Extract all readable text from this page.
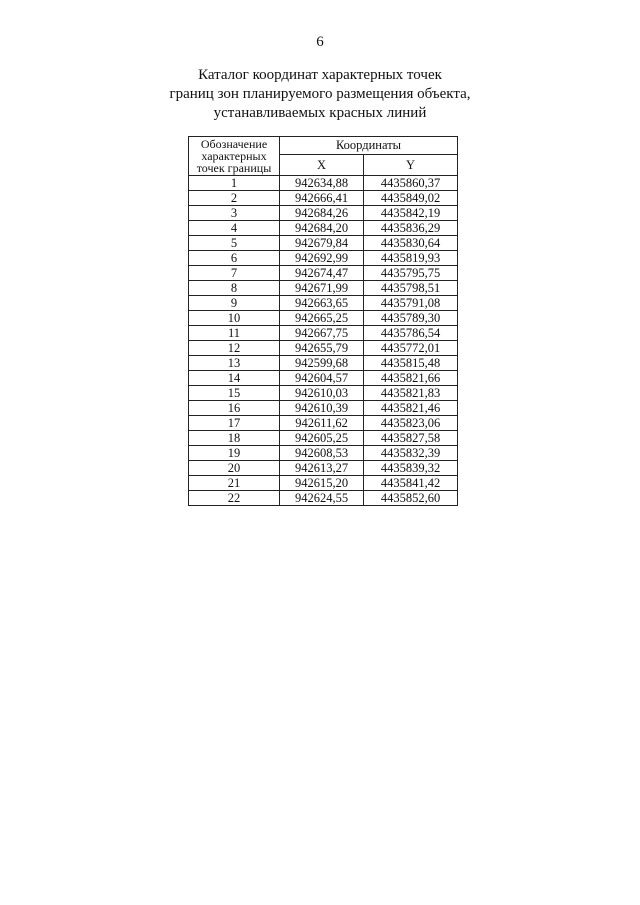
6
Каталог координат характерных точек
границ зон планируемого размещения объекта,
устанавливаемых красных линий
Обозначение характерных точек границы	Координаты	
	X	Y
1	942634,88	4435860,37
2	942666,41	4435849,02
3	942684,26	4435842,19
4	942684,20	4435836,29
5	942679,84	4435830,64
6	942692,99	4435819,93
7	942674,47	4435795,75
8	942671,99	4435798,51
9	942663,65	4435791,08
10	942665,25	4435789,30
11	942667,75	4435786,54
12	942655,79	4435772,01
13	942599,68	4435815,48
14	942604,57	4435821,66
15	942610,03	4435821,83
16	942610,39	4435821,46
17	942611,62	4435823,06
18	942605,25	4435827,58
19	942608,53	4435832,39
20	942613,27	4435839,32
21	942615,20	4435841,42
22	942624,55	4435852,60
